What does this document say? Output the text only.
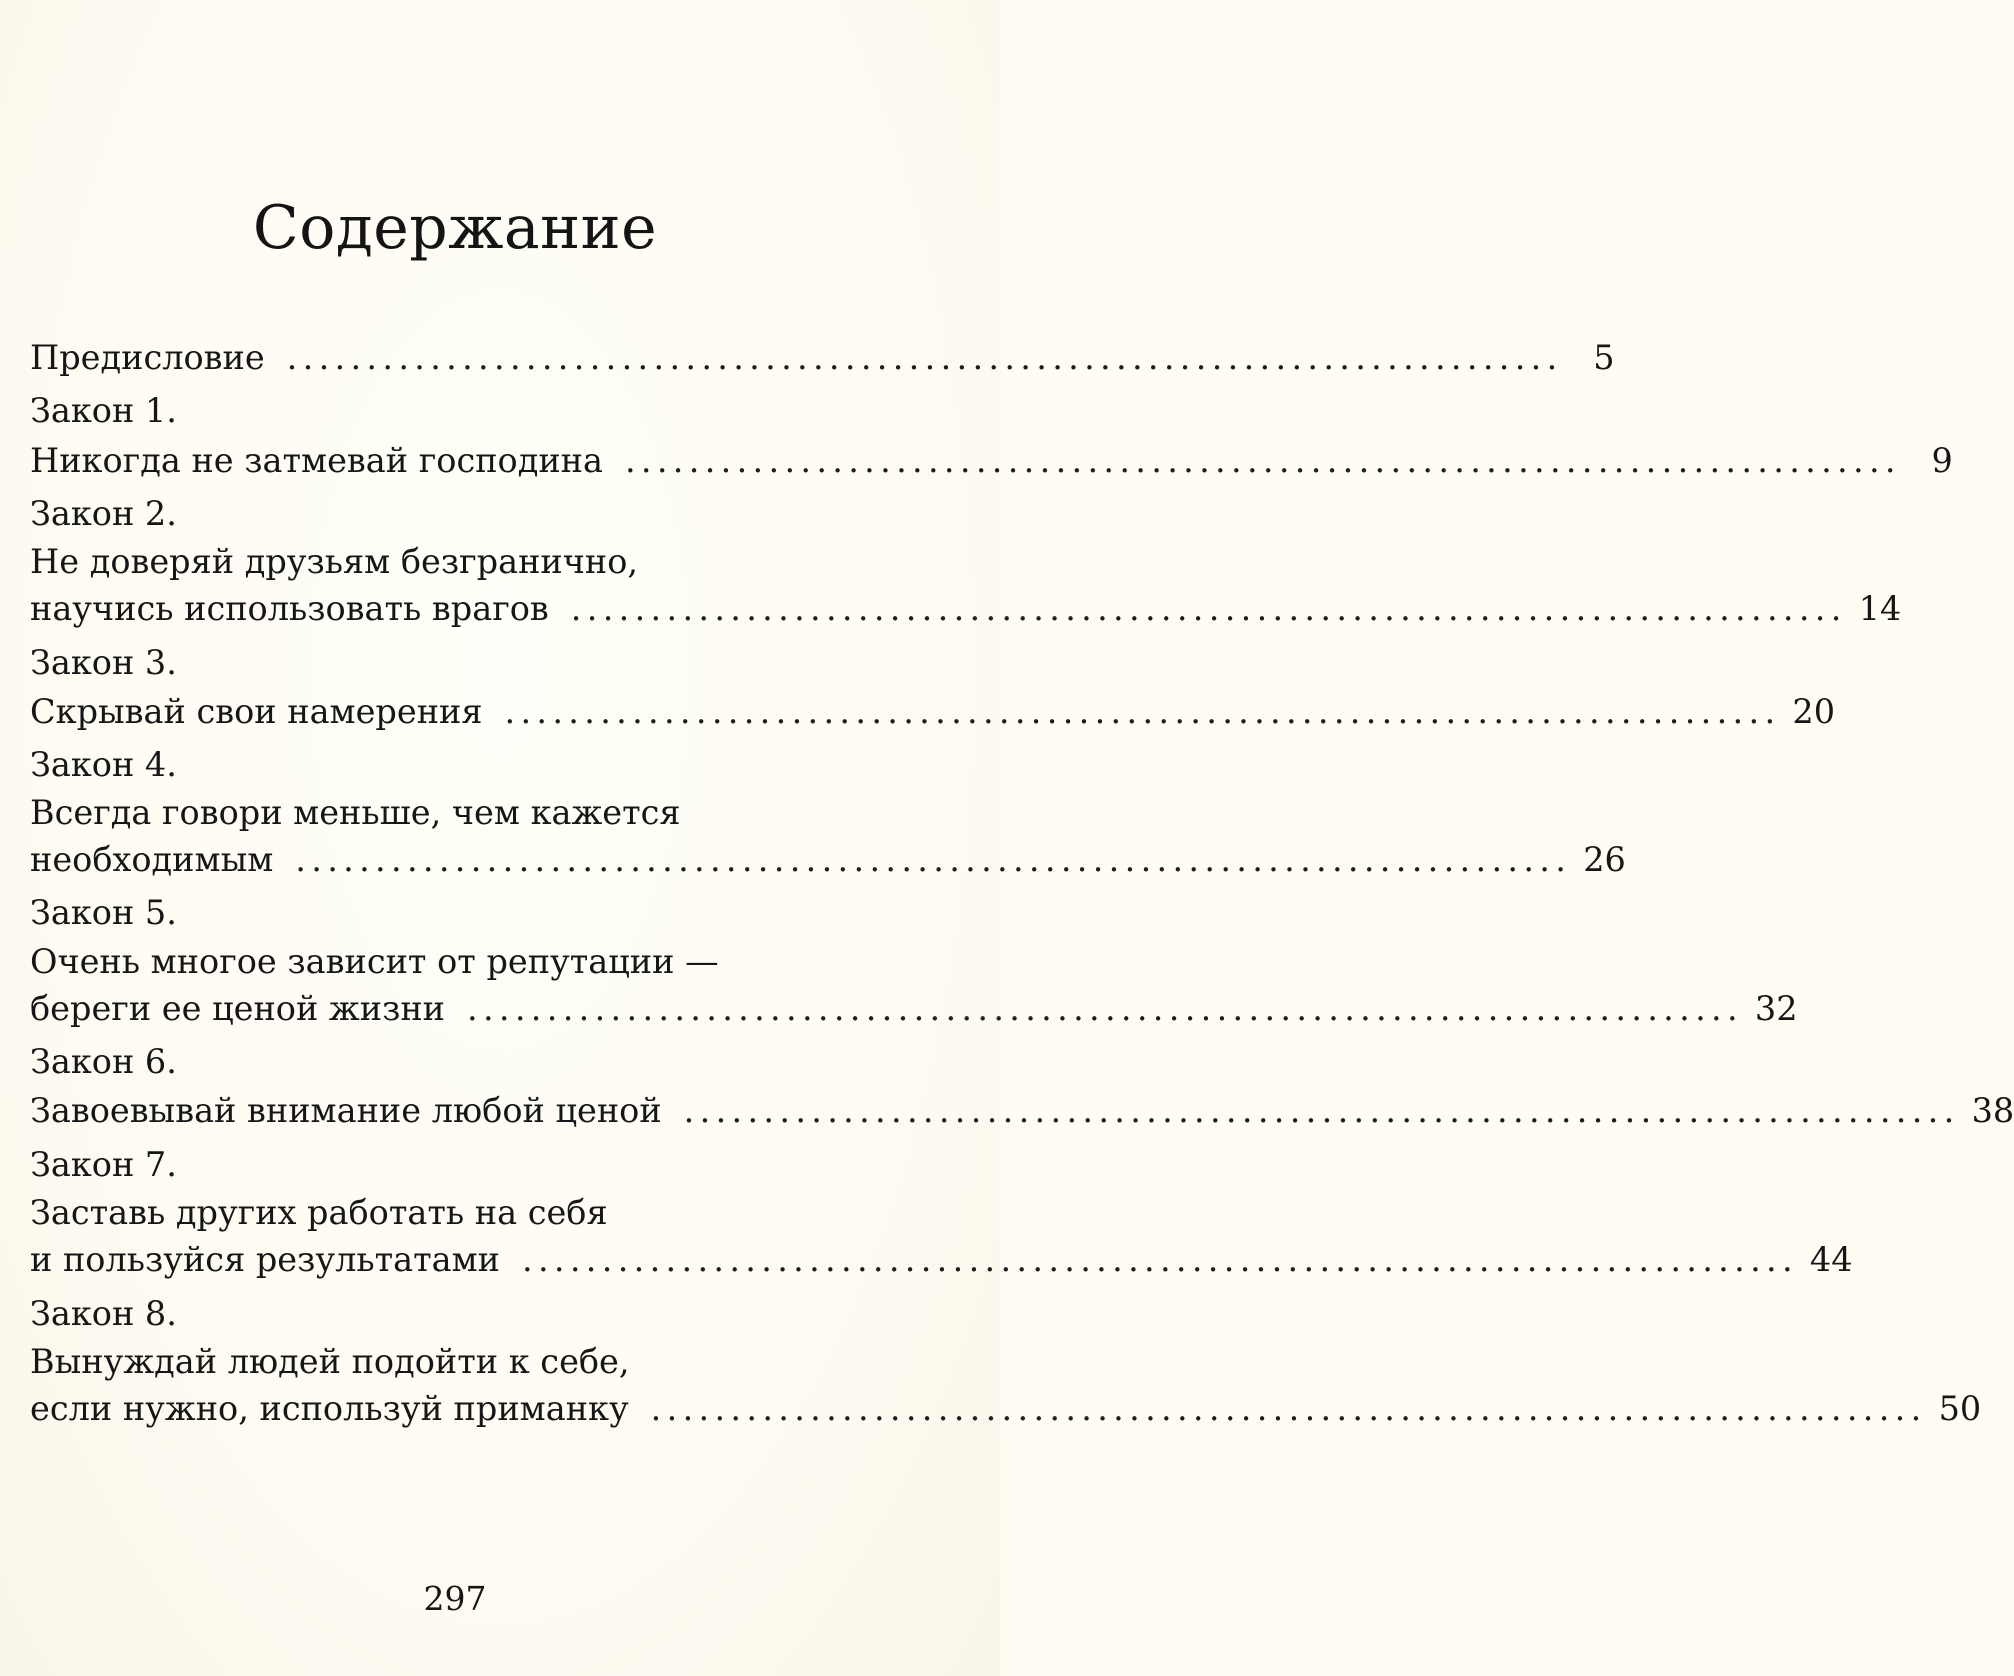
Содержание
Предисловие ................................................................................ 5
Закон 1.
Никогда не затмевай господина ................................................................................ 9
Закон 2.
Не доверяй друзьям безгранично,
научись использовать врагов ................................................................................ 14
Закон 3.
Скрывай свои намерения ................................................................................ 20
Закон 4.
Всегда говори меньше, чем кажется
необходимым ................................................................................ 26
Закон 5.
Очень многое зависит от репутации —
береги ее ценой жизни ................................................................................ 32
Закон 6.
Завоевывай внимание любой ценой ................................................................................ 38
Закон 7.
Заставь других работать на себя
и пользуйся результатами ................................................................................ 44
Закон 8.
Вынуждай людей подойти к себе,
если нужно, используй приманку ................................................................................ 50
297
